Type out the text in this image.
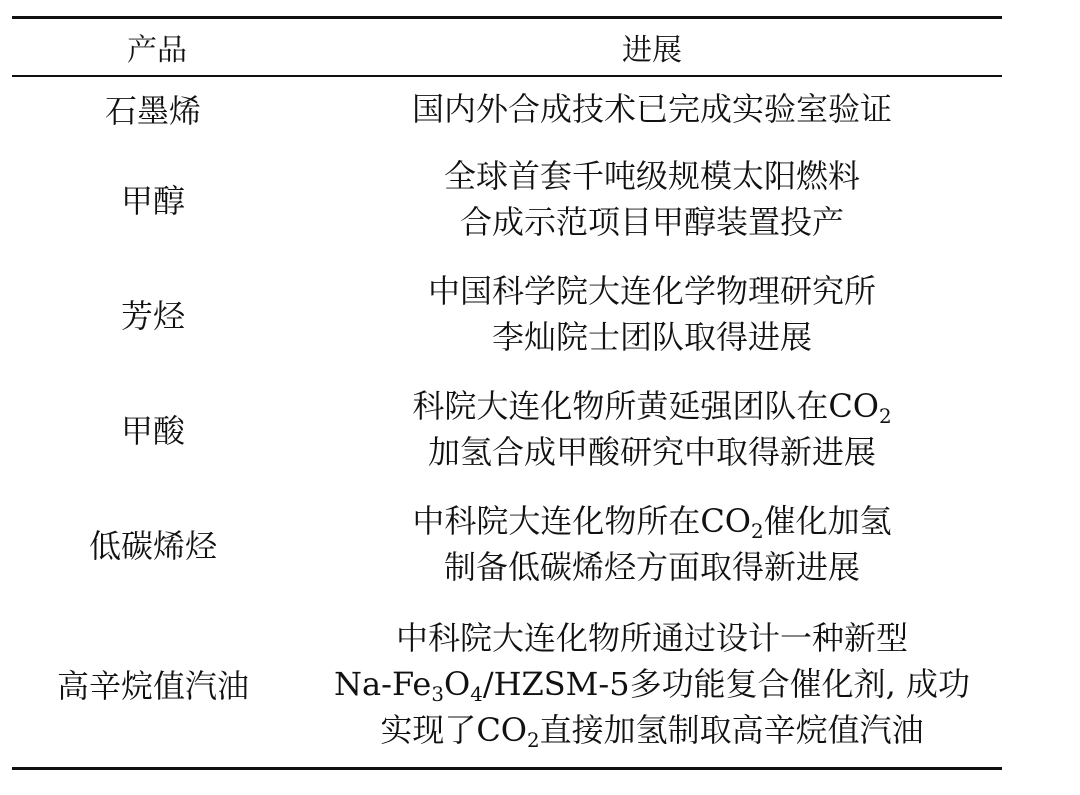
产品	进展
石墨烯	国内外合成技术已完成实验室验证

甲醇	全球首套千吨级规模太阳燃料
合成示范项目甲醇装置投产

芳烃	中国科学院大连化学物理研究所
李灿院士团队取得进展

甲酸	科院大连化物所黄延强团队在$CO_2$
加氢合成甲酸研究中取得新进展

低碳烯烃	中科院大连化物所在$CO_2$催化加氢
制备低碳烯烃方面取得新进展

高辛烷值汽油	中科院大连化物所通过设计一种新型
$Na-Fe_3O_4/HZSM-5$多功能复合催化剂, 成功
实现了$CO_2$直接加氢制取高辛烷值汽油
